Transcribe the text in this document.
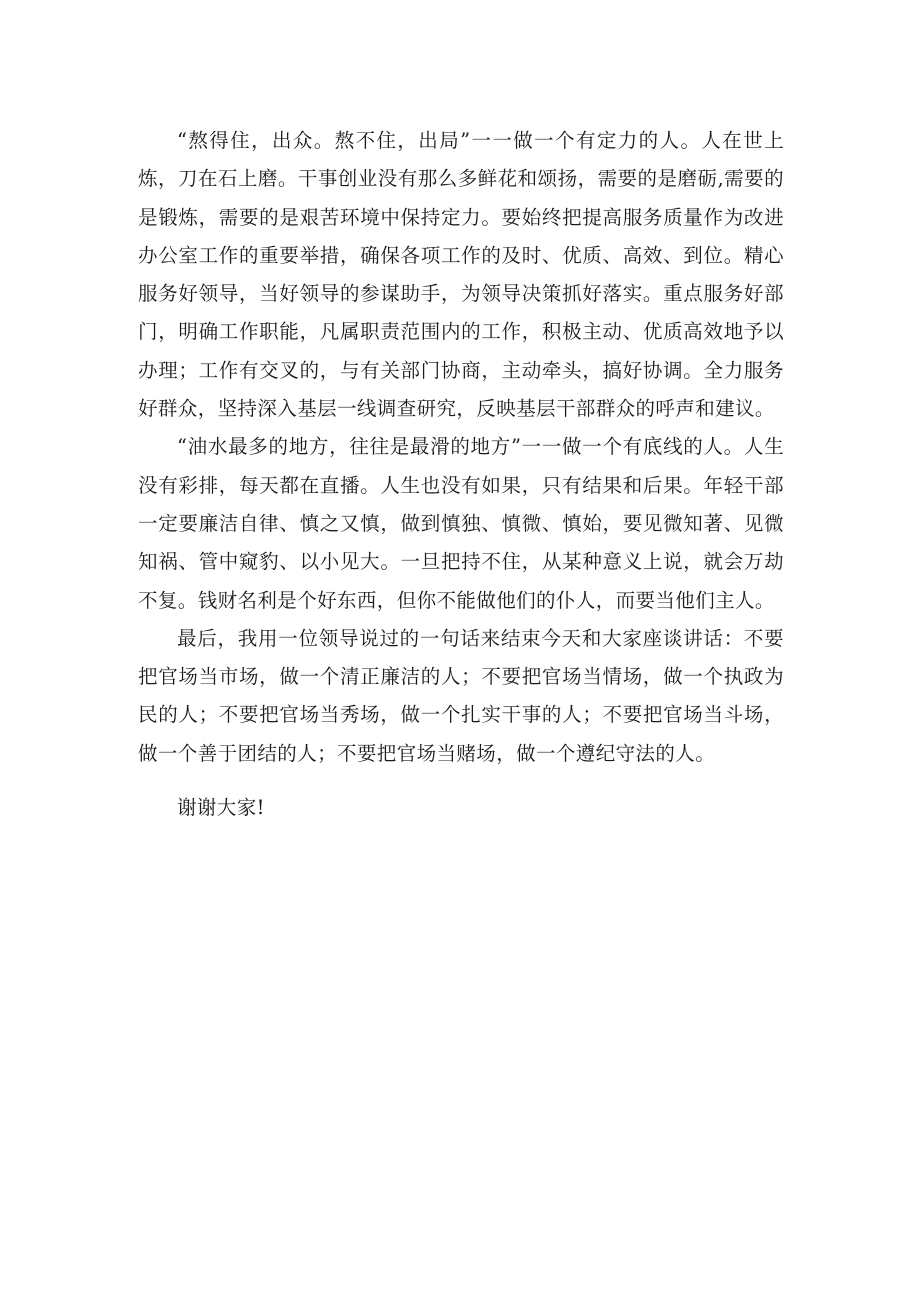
“熬得住，出众。熬不住，出局”一一做一个有定力的人。人在世上炼，刀在石上磨。干事创业没有那么多鲜花和颂扬，需要的是磨砺,需要的是锻炼，需要的是艰苦环境中保持定力。要始终把提高服务质量作为改进办公室工作的重要举措，确保各项工作的及时、优质、高效、到位。精心服务好领导，当好领导的参谋助手，为领导决策抓好落实。重点服务好部门，明确工作职能，凡属职责范围内的工作，积极主动、优质高效地予以办理；工作有交叉的，与有关部门协商，主动牵头，搞好协调。全力服务好群众，坚持深入基层一线调查研究，反映基层干部群众的呼声和建议。

“油水最多的地方，往往是最滑的地方”一一做一个有底线的人。人生没有彩排，每天都在直播。人生也没有如果，只有结果和后果。年轻干部一定要廉洁自律、慎之又慎，做到慎独、慎微、慎始，要见微知著、见微知祸、管中窥豹、以小见大。一旦把持不住，从某种意义上说，就会万劫不复。钱财名利是个好东西，但你不能做他们的仆人，而要当他们主人。

最后，我用一位领导说过的一句话来结束今天和大家座谈讲话：不要把官场当市场，做一个清正廉洁的人；不要把官场当情场，做一个执政为民的人；不要把官场当秀场，做一个扎实干事的人；不要把官场当斗场，做一个善于团结的人；不要把官场当赌场，做一个遵纪守法的人。

谢谢大家!
